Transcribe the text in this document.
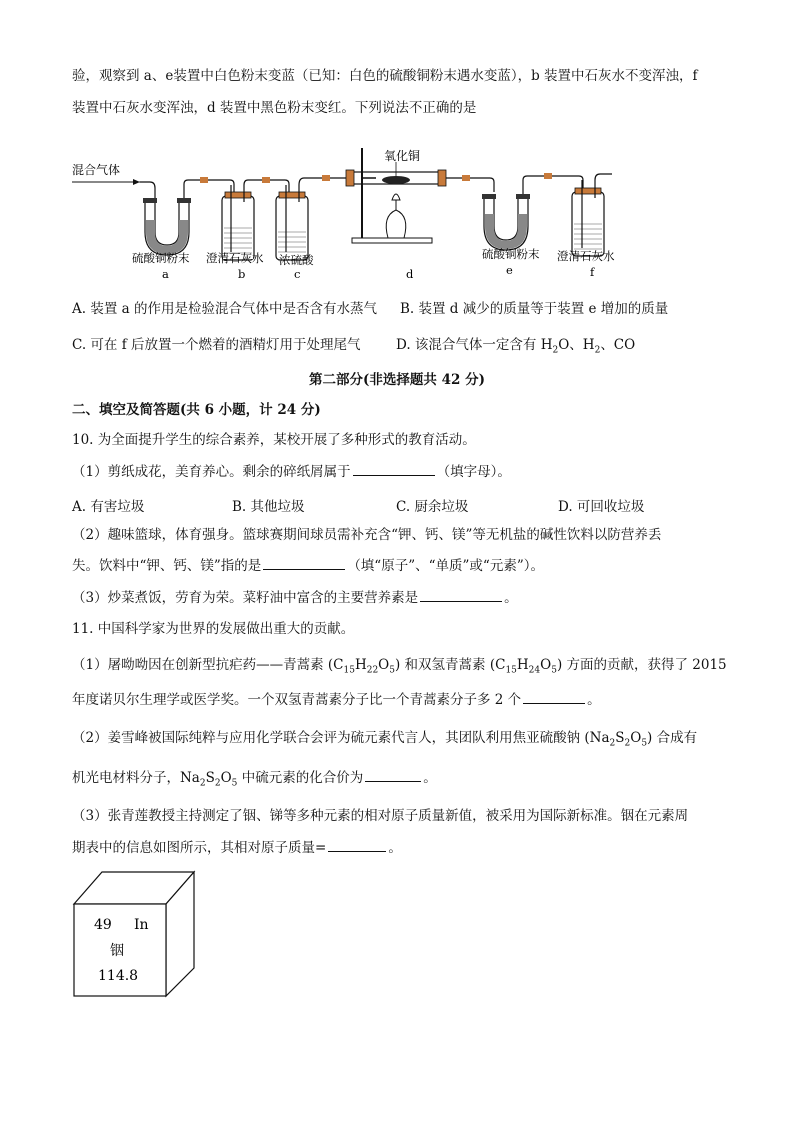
验，观察到 a、e装置中白色粉末变蓝（已知：白色的硫酸铜粉末遇水变蓝），b 装置中石灰水不变浑浊，f
装置中石灰水变浑浊，d 装置中黑色粉末变红。下列说法不正确的是
混合气体
氧化铜
硫酸铜粉末 澄清石灰水 浓硫酸	硫酸铜粉末 澄清石灰水
a	b	c	d	e	f
A. 装置 a 的作用是检验混合气体中是否含有水蒸气 B. 装置 d 减少的质量等于装置 e 增加的质量
C. 可在 f 后放置一个燃着的酒精灯用于处理尾气	D. 该混合气体一定含有 $H_2O$、$H_2$、CO
第二部分(非选择题共 42 分)
二、填空及简答题(共 6 小题，计 24 分)
10. 为全面提升学生的综合素养，某校开展了多种形式的教育活动。
（1）剪纸成花，美育养心。剩余的碎纸屑属于	（填字母）。
A. 有害垃圾	B. 其他垃圾	C. 厨余垃圾	D. 可回收垃圾
（2）趣味篮球，体育强身。篮球赛期间球员需补充含“钾、钙、镁”等无机盐的碱性饮料以防营养丢
失。饮料中“钾、钙、镁”指的是	（填“原子”、“单质”或“元素”）。
（3）炒菜煮饭，劳育为荣。菜籽油中富含的主要营养素是	。
11. 中国科学家为世界的发展做出重大的贡献。
（1）屠呦呦因在创新型抗疟药——青蒿素 $(C_{15}H_{22}O_5)$ 和双氢青蒿素 $(C_{15}H_{24}O_5)$ 方面的贡献，获得了 2015
年度诺贝尔生理学或医学奖。一个双氢青蒿素分子比一个青蒿素分子多 2 个	。
（2）姜雪峰被国际纯粹与应用化学联合会评为硫元素代言人，其团队利用焦亚硫酸钠 $(Na_2S_2O_5)$ 合成有
机光电材料分子，$Na_2S_2O_5$ 中硫元素的化合价为	。
（3）张青莲教授主持测定了铟、锑等多种元素的相对原子质量新值，被采用为国际新标准。铟在元素周
期表中的信息如图所示，其相对原子质量=	。
49 In
铟
114.8
